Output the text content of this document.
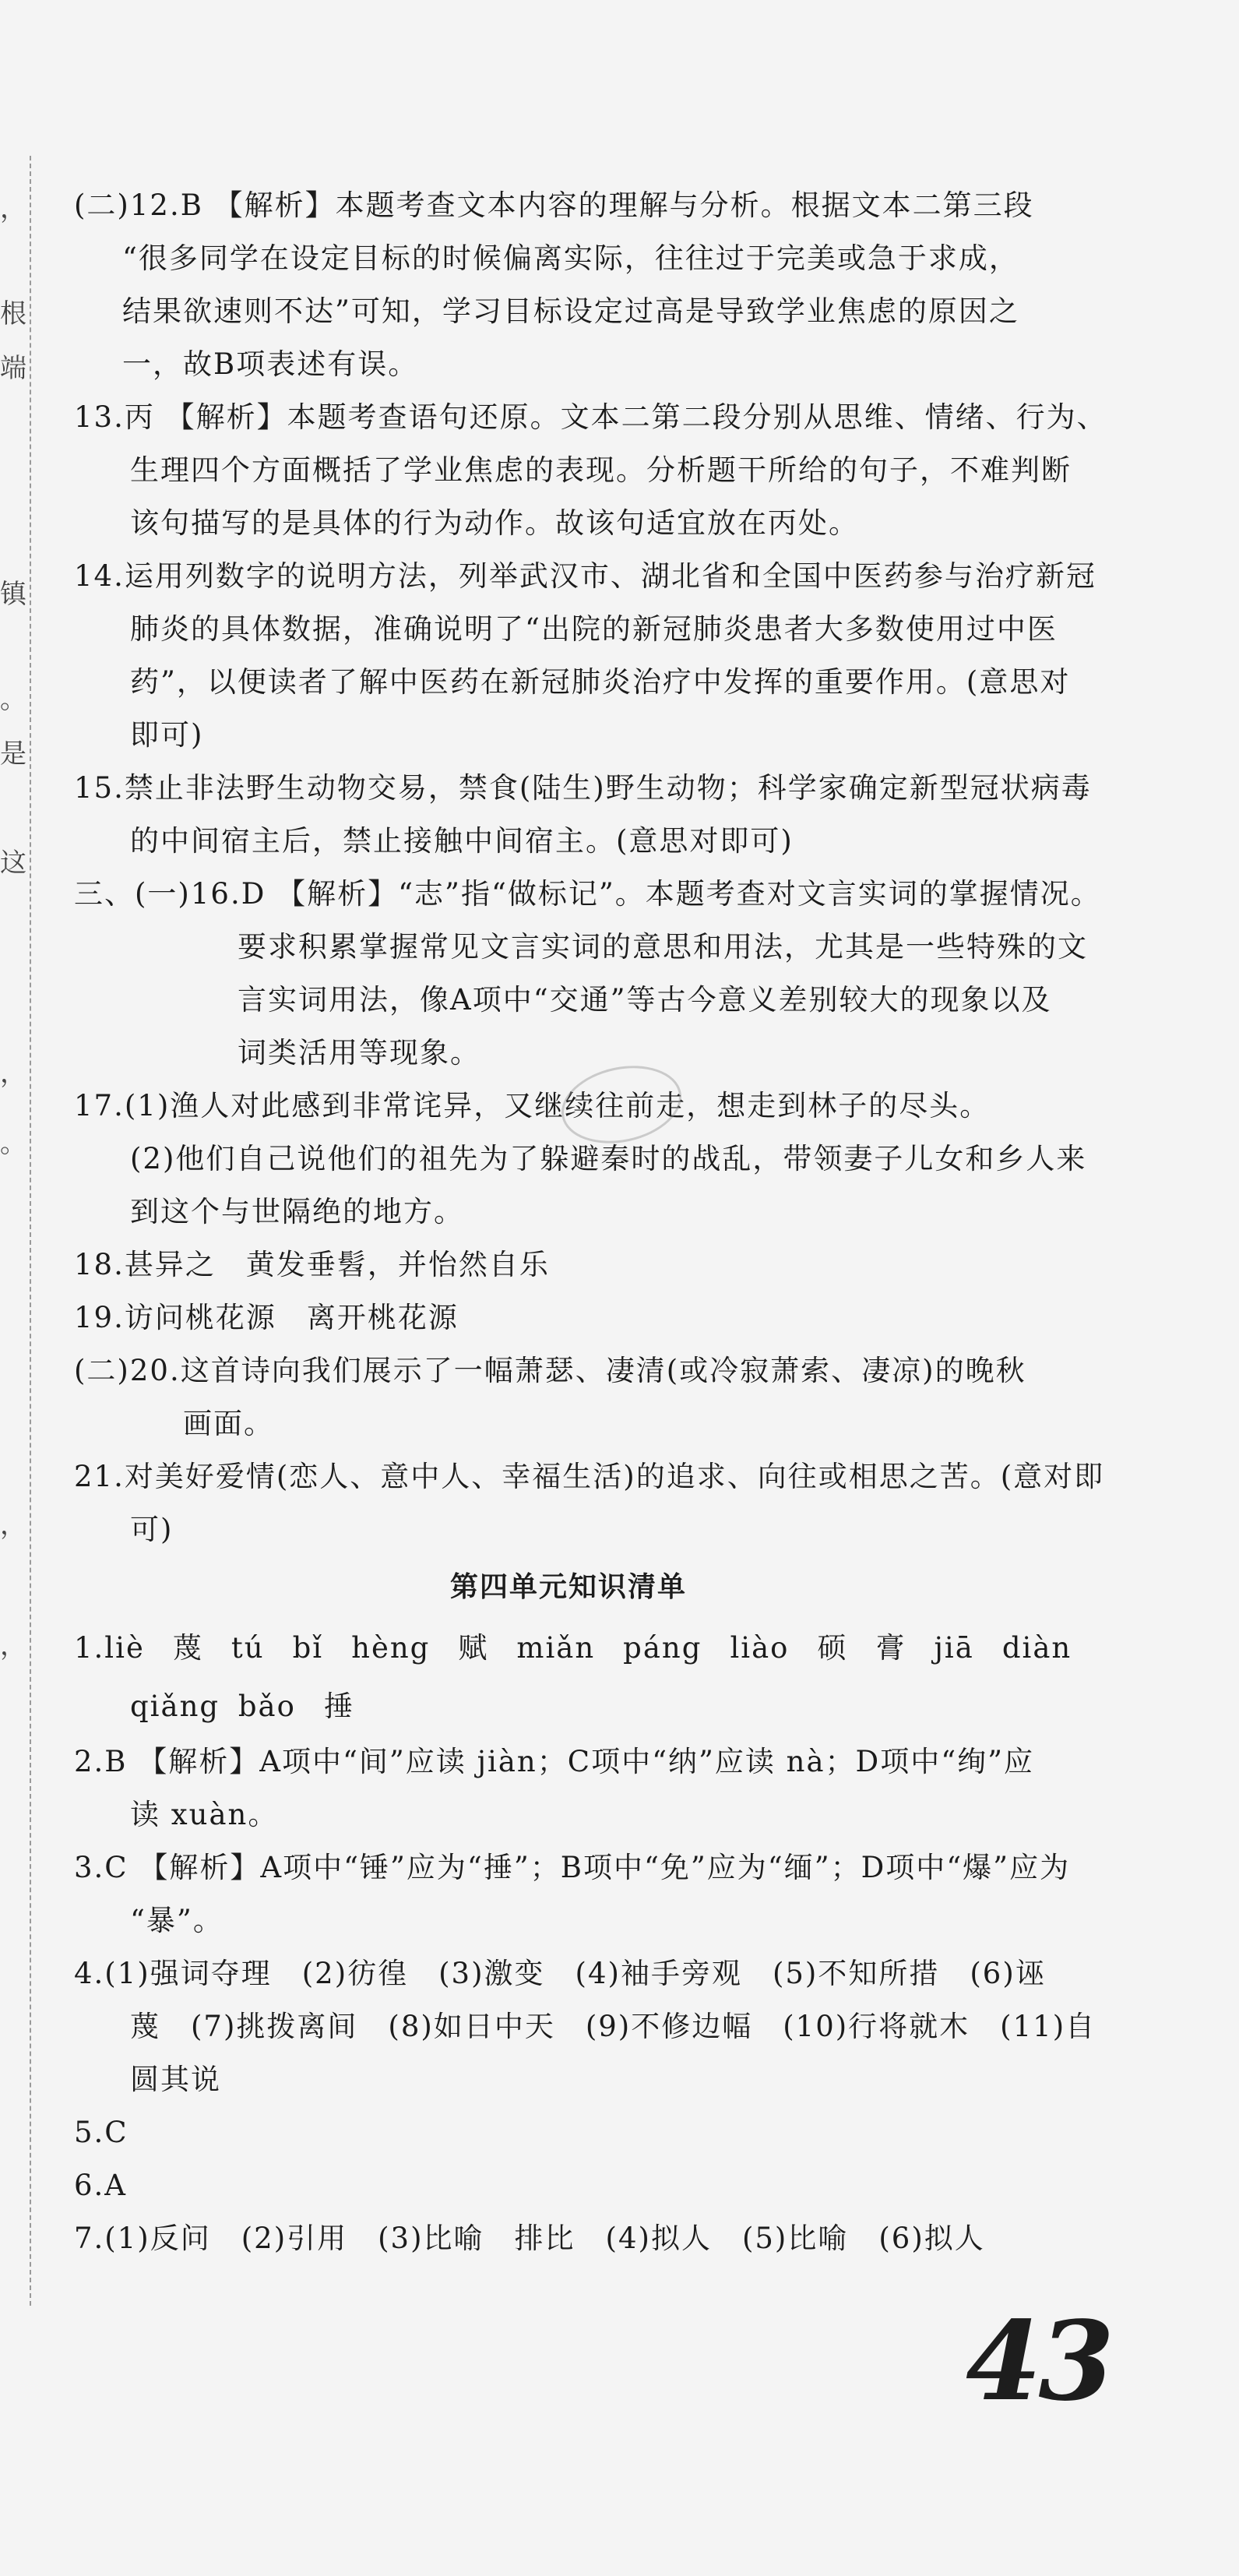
，
根
端
镇
。
是
这
，
。
，
，
(二)12.B 【解析】本题考查文本内容的理解与分析。根据文本二第三段
“很多同学在设定目标的时候偏离实际，往往过于完美或急于求成，
结果欲速则不达”可知，学习目标设定过高是导致学业焦虑的原因之
一，故B项表述有误。
13.丙 【解析】本题考查语句还原。文本二第二段分别从思维、情绪、行为、
生理四个方面概括了学业焦虑的表现。分析题干所给的句子，不难判断
该句描写的是具体的行为动作。故该句适宜放在丙处。
14.运用列数字的说明方法，列举武汉市、湖北省和全国中医药参与治疗新冠
肺炎的具体数据，准确说明了“出院的新冠肺炎患者大多数使用过中医
药”，以便读者了解中医药在新冠肺炎治疗中发挥的重要作用。(意思对
即可)
15.禁止非法野生动物交易，禁食(陆生)野生动物；科学家确定新型冠状病毒
的中间宿主后，禁止接触中间宿主。(意思对即可)
三、(一)16.D 【解析】“志”指“做标记”。本题考查对文言实词的掌握情况。
要求积累掌握常见文言实词的意思和用法，尤其是一些特殊的文
言实词用法，像A项中“交通”等古今意义差别较大的现象以及
词类活用等现象。
17.(1)渔人对此感到非常诧异，又继续往前走，想走到林子的尽头。
(2)他们自己说他们的祖先为了躲避秦时的战乱，带领妻子儿女和乡人来
到这个与世隔绝的地方。
18.甚异之　黄发垂髫，并怡然自乐
19.访问桃花源　离开桃花源
(二)20.这首诗向我们展示了一幅萧瑟、凄清(或冷寂萧索、凄凉)的晚秋
画面。
21.对美好爱情(恋人、意中人、幸福生活)的追求、向往或相思之苦。(意对即
可)
第四单元知识清单
1.liè 蔑 tú bǐ hèng 赋 miǎn páng liào 硕 膏 jiā diàn
qiǎng bǎo 捶
2.B 【解析】A项中“间”应读 jiàn；C项中“纳”应读 nà；D项中“绚”应
读 xuàn。
3.C 【解析】A项中“锤”应为“捶”；B项中“免”应为“缅”；D项中“爆”应为
“暴”。
4.(1)强词夺理　(2)彷徨　(3)激变　(4)袖手旁观　(5)不知所措　(6)诬
蔑　(7)挑拨离间　(8)如日中天　(9)不修边幅　(10)行将就木　(11)自
圆其说
5.C
6.A
7.(1)反问　(2)引用　(3)比喻　排比　(4)拟人　(5)比喻　(6)拟人

43
